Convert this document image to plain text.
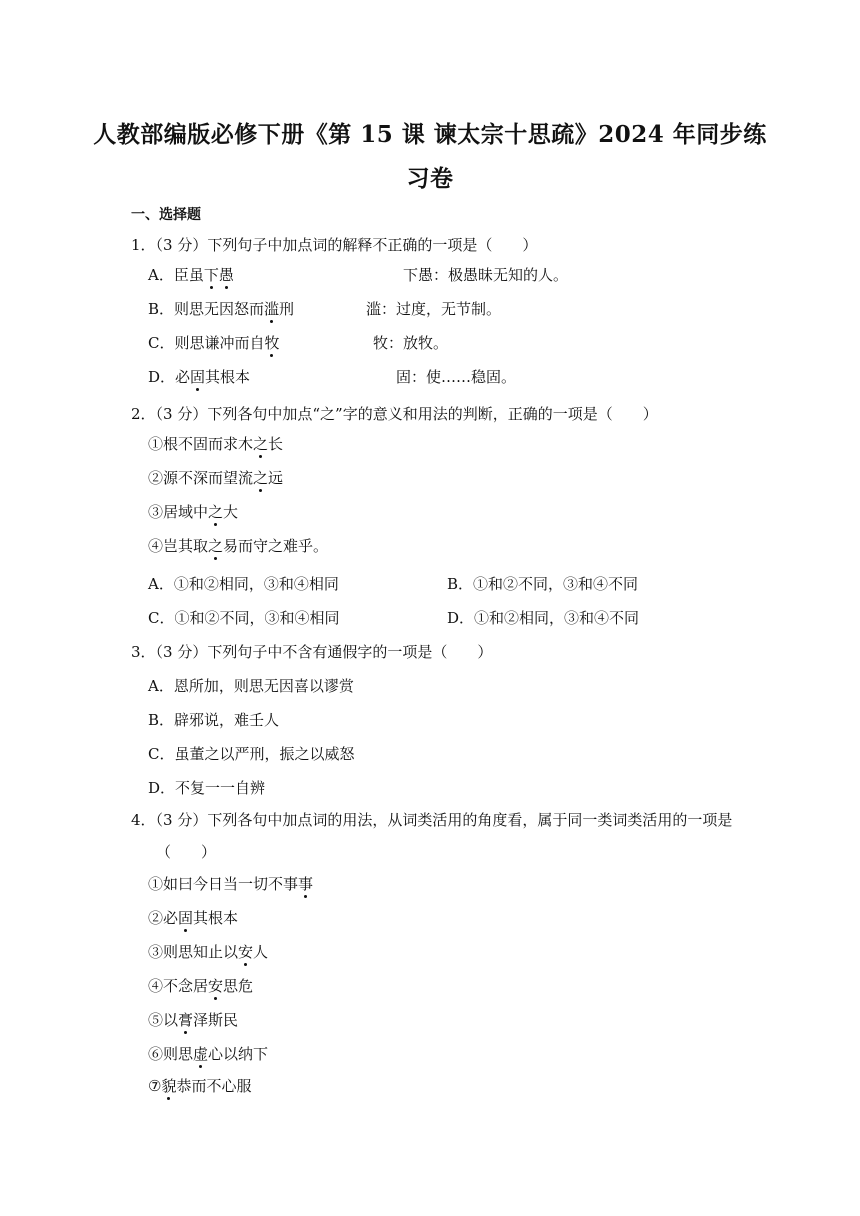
人教部编版必修下册《第 15 课 谏太宗十思疏》2024 年同步练
习卷
一、选择题
1．（3 分）下列句子中加点词的解释不正确的一项是（　　）
A．臣虽下愚	下愚：极愚昧无知的人。
B．则思无因怒而滥刑	滥：过度，无节制。
C．则思谦冲而自牧	牧：放牧。
D．必固其根本	固：使……稳固。
2．（3 分）下列各句中加点“之”字的意义和用法的判断，正确的一项是（　　）
①根不固而求木之长
②源不深而望流之远
③居域中之大
④岂其取之易而守之难乎。
A．①和②相同，③和④相同	B．①和②不同，③和④不同
C．①和②不同，③和④相同	D．①和②相同，③和④不同
3．（3 分）下列句子中不含有通假字的一项是（　　）
A．恩所加，则思无因喜以谬赏
B．辟邪说，难壬人
C．虽董之以严刑，振之以威怒
D．不复一一自辨
4．（3 分）下列各句中加点词的用法，从词类活用的角度看，属于同一类词类活用的一项是
（　　）
①如曰今日当一切不事事
②必固其根本
③则思知止以安人
④不念居安思危
⑤以膏泽斯民
⑥则思虚心以纳下
⑦貌恭而不心服
